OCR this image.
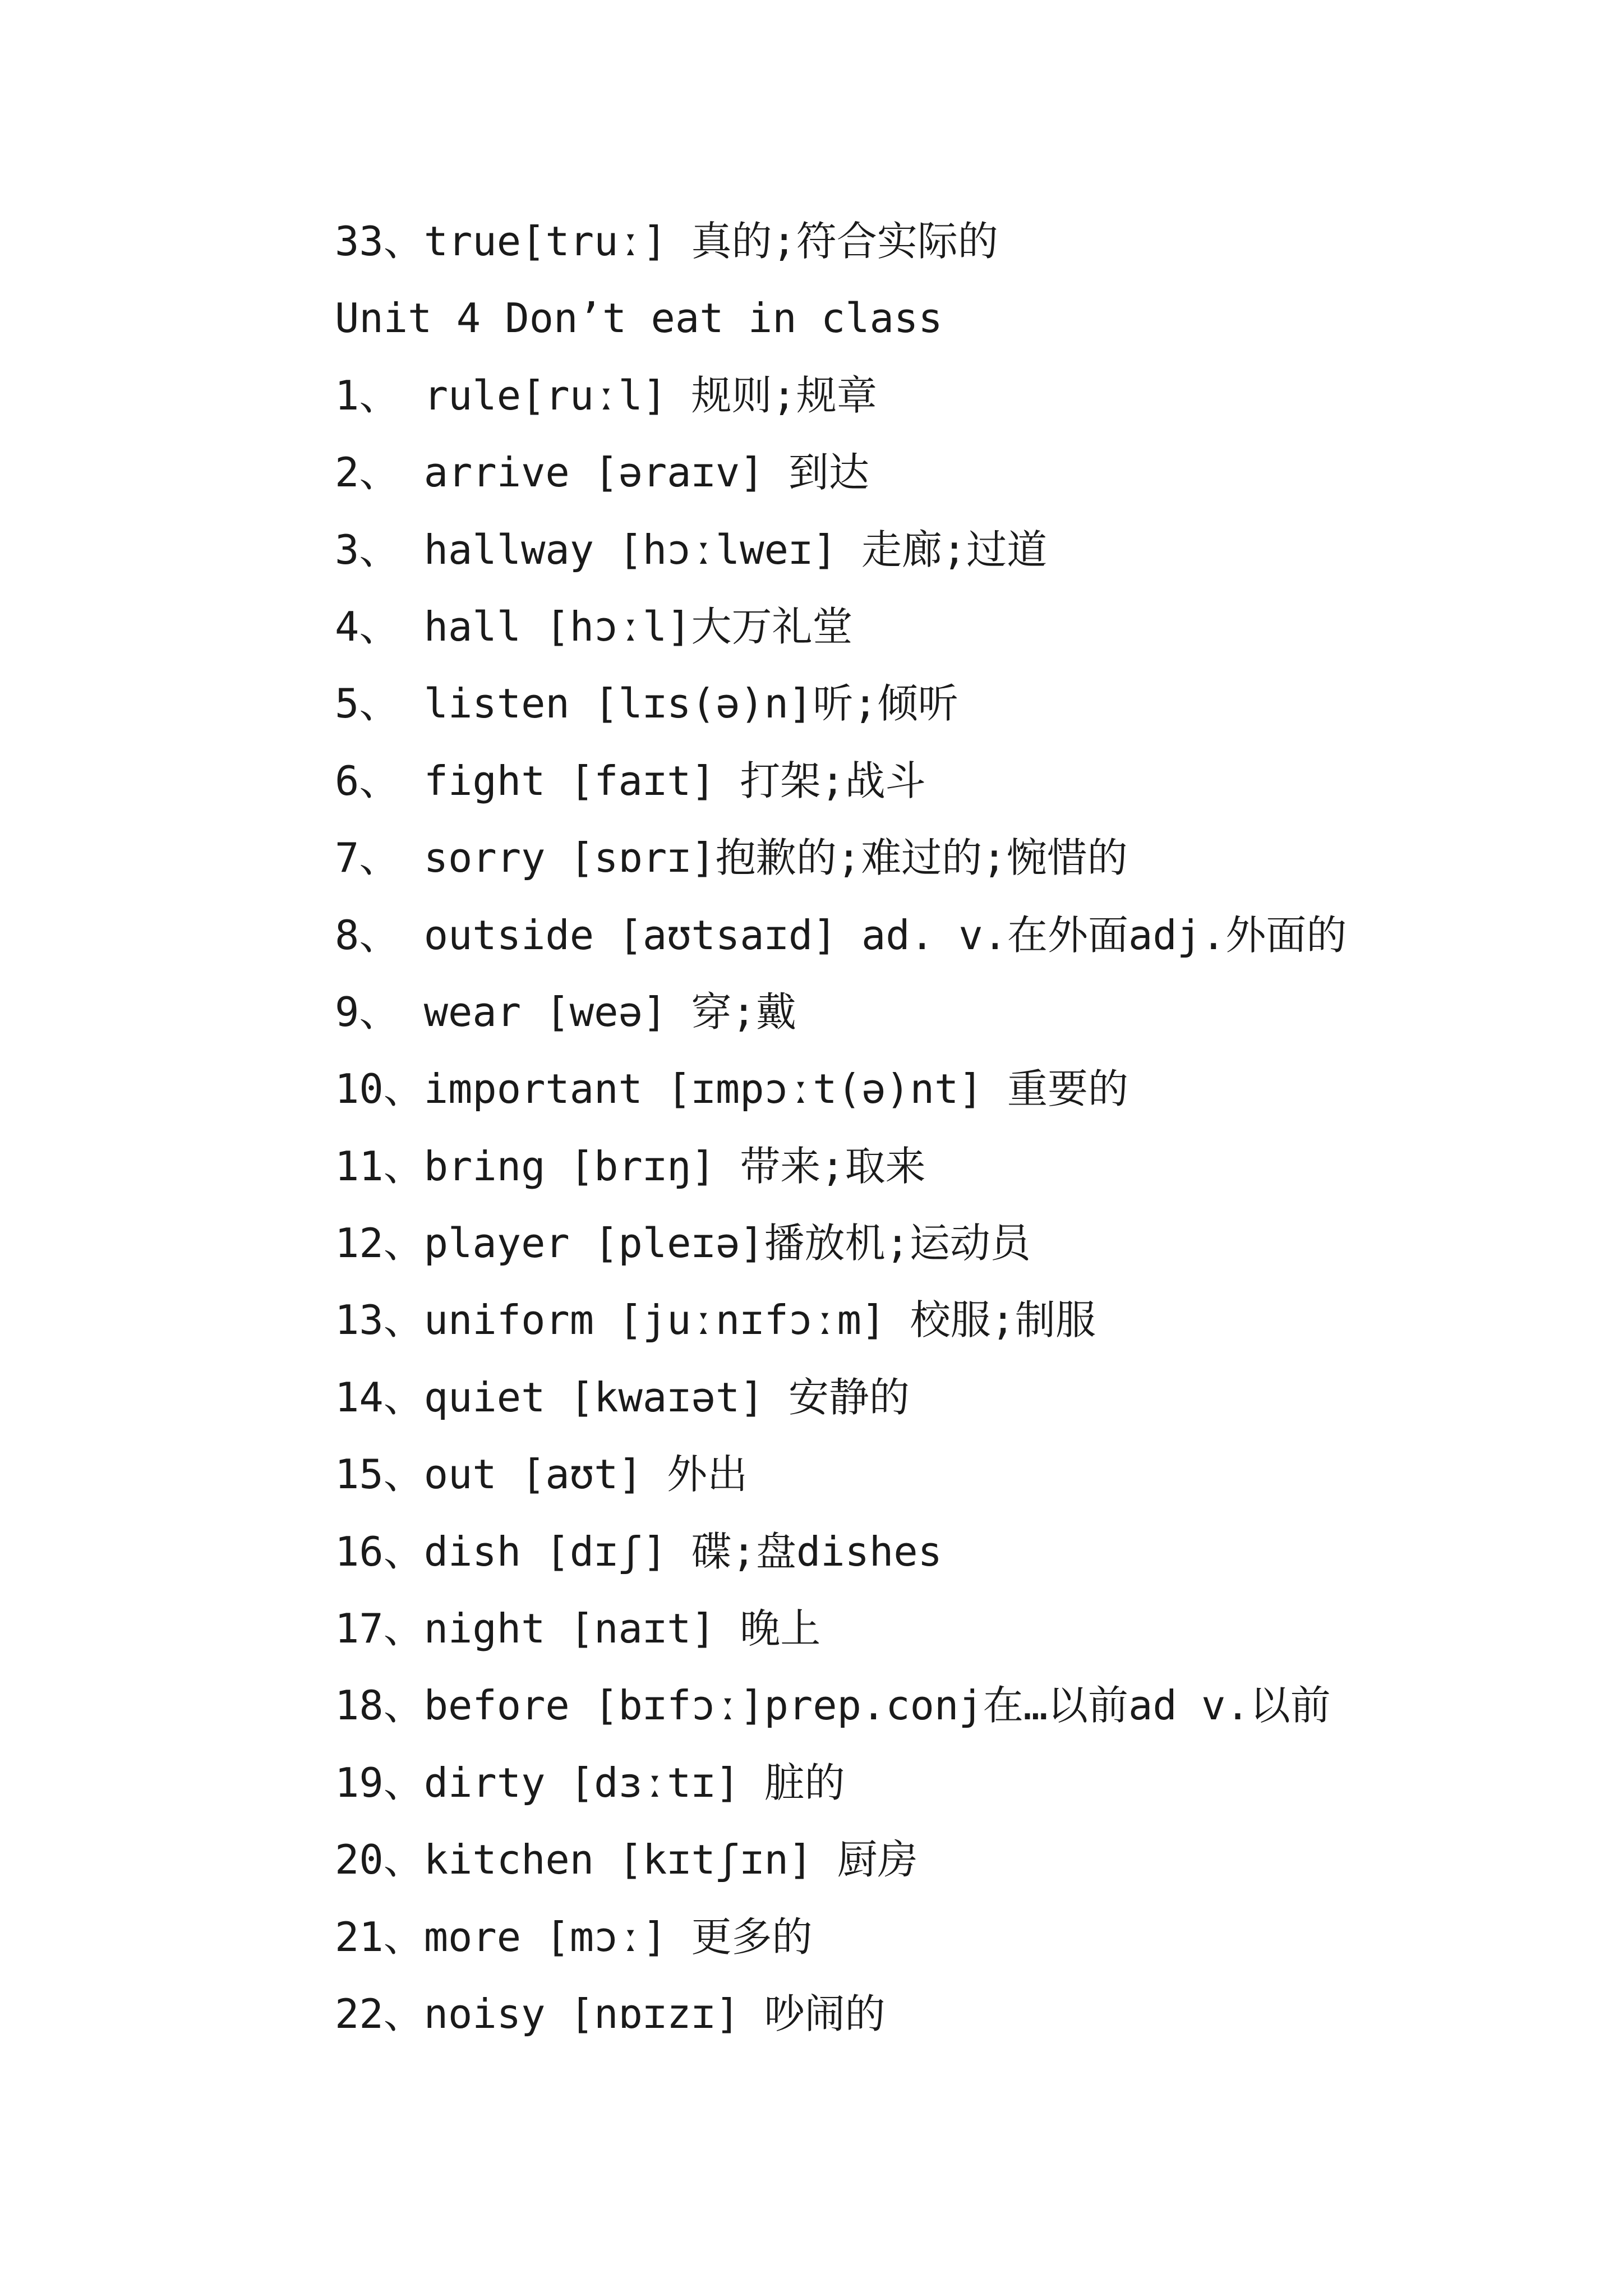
33、true[truː] 真的;符合实际的
Unit 4 Don’t eat in class
1、 rule[ruːl] 规则;规章
2、 arrive [əraɪv] 到达
3、 hallway [hɔːlweɪ] 走廊;过道
4、 hall [hɔːl]大万礼堂
5、 listen [lɪs(ə)n]听;倾听
6、 fight [faɪt] 打架;战斗
7、 sorry [sɒrɪ]抱歉的;难过的;惋惜的
8、 outside [aʊtsaɪd] ad. v.在外面adj.外面的
9、 wear [weə] 穿;戴
10、important [ɪmpɔːt(ə)nt] 重要的
11、bring [brɪŋ] 带来;取来
12、player [pleɪə]播放机;运动员
13、uniform [juːnɪfɔːm] 校服;制服
14、quiet [kwaɪət] 安静的
15、out [aʊt] 外出
16、dish [dɪʃ] 碟;盘dishes
17、night [naɪt] 晚上
18、before [bɪfɔː]prep.conj在…以前ad v.以前
19、dirty [dɜːtɪ] 脏的
20、kitchen [kɪtʃɪn] 厨房
21、more [mɔː] 更多的
22、noisy [nɒɪzɪ] 吵闹的
